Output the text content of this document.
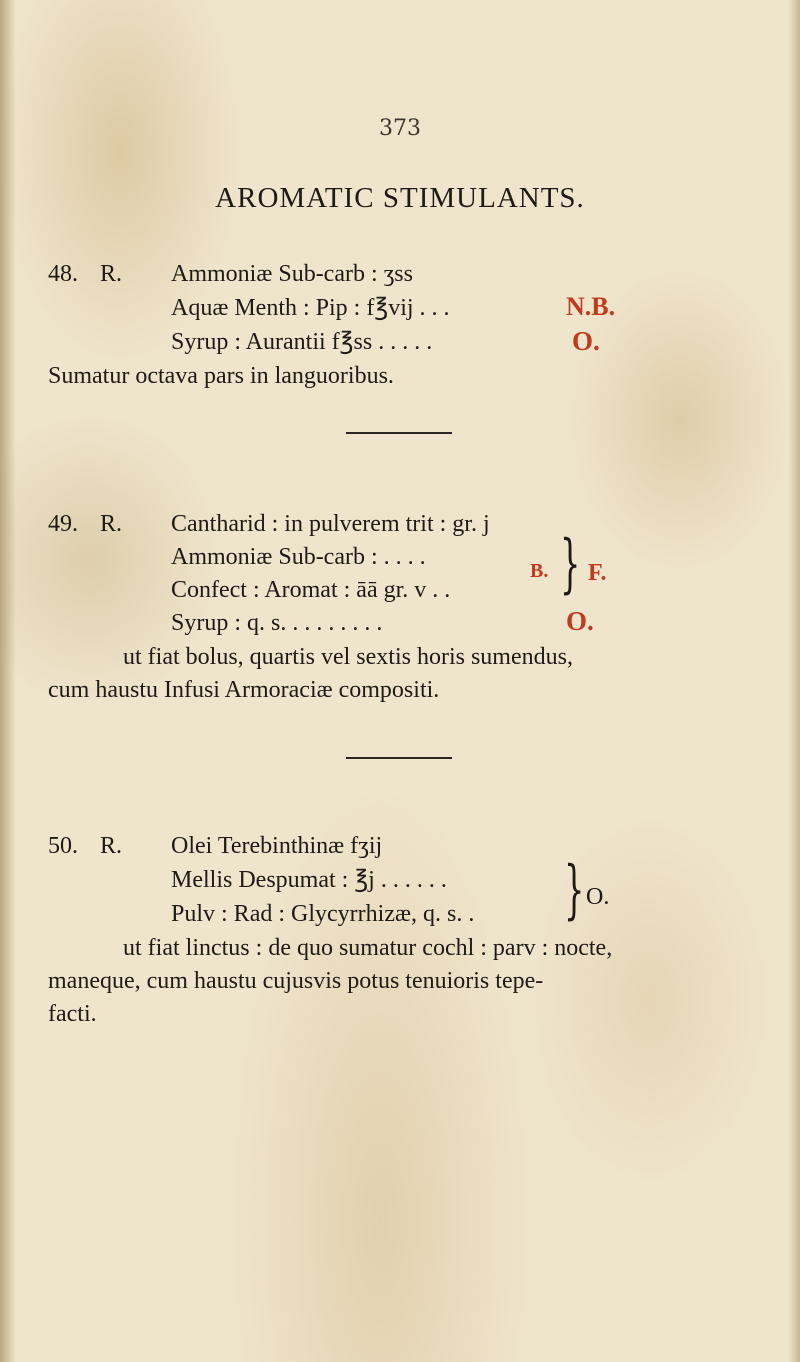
373
AROMATIC STIMULANTS.
48. R. Ammoniæ Sub-carb : ʒss
Aquæ Menth : Pip : f℥vij . . .
Syrup : Aurantii f℥ss . . . . .
Sumatur octava pars in languoribus.
N.B.
O.
49. R. Cantharid : in pulverem trit : gr. j
Ammoniæ Sub-carb : . . . .
Confect : Aromat : āā gr. v . .
Syrup : q. s. . . . . . . . .
ut fiat bolus, quartis vel sextis horis sumendus,
cum haustu Infusi Armoraciæ compositi.
B. } F.
O.
50. R. Olei Terebinthinæ fʒij
Mellis Despumat : ℥j . . . . . .
Pulv : Rad : Glycyrrhizæ, q. s. .
ut fiat linctus : de quo sumatur cochl : parv : nocte,
maneque, cum haustu cujusvis potus tenuioris tepe-
facti.
} O.
